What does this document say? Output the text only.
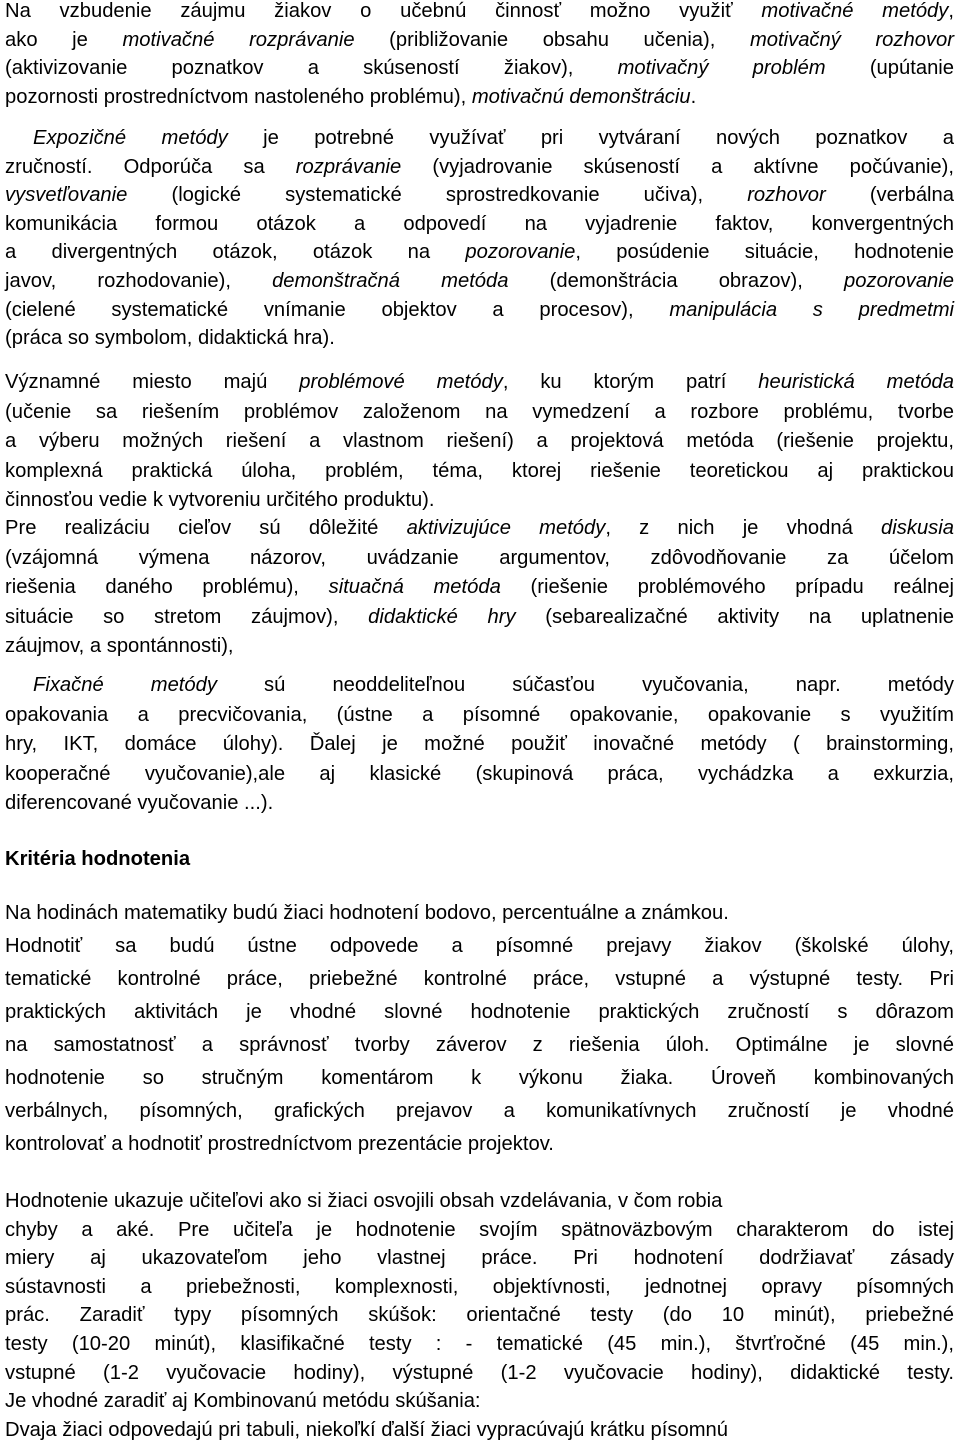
Na vzbudenie záujmu žiakov o učebnú činnosť možno využiť motivačné metódy,
ako je motivačné rozprávanie (približovanie obsahu učenia), motivačný rozhovor
(aktivizovanie poznatkov a skúseností žiakov), motivačný problém (upútanie
pozornosti prostredníctvom nastoleného problému), motivačnú demonštráciu.
Expozičné metódy je potrebné využívať pri vytváraní nových poznatkov a
zručností. Odporúča sa rozprávanie (vyjadrovanie skúseností a aktívne počúvanie),
vysvetľovanie (logické systematické sprostredkovanie učiva), rozhovor (verbálna
komunikácia formou otázok a odpovedí na vyjadrenie faktov, konvergentných
a divergentných otázok, otázok na pozorovanie, posúdenie situácie, hodnotenie
javov, rozhodovanie), demonštračná metóda (demonštrácia obrazov), pozorovanie
(cielené systematické vnímanie objektov a procesov), manipulácia s predmetmi
(práca so symbolom, didaktická hra).
Významné miesto majú problémové metódy, ku ktorým patrí heuristická metóda
(učenie sa riešením problémov založenom na vymedzení a rozbore problému, tvorbe
a výberu možných riešení a vlastnom riešení) a projektová metóda (riešenie projektu,
komplexná praktická úloha, problém, téma, ktorej riešenie teoretickou aj praktickou
činnosťou vedie k vytvoreniu určitého produktu).
Pre realizáciu cieľov sú dôležité aktivizujúce metódy, z nich je vhodná diskusia
(vzájomná výmena názorov, uvádzanie argumentov, zdôvodňovanie za účelom
riešenia daného problému), situačná metóda (riešenie problémového prípadu reálnej
situácie so stretom záujmov), didaktické hry (sebarealizačné aktivity na uplatnenie
záujmov, a spontánnosti),
Fixačné metódy sú neoddeliteľnou súčasťou vyučovania, napr. metódy
opakovania a precvičovania, (ústne a písomné opakovanie, opakovanie s využitím
hry, IKT, domáce úlohy). Ďalej je možné použiť inovačné metódy ( brainstorming,
kooperačné vyučovanie),ale aj klasické (skupinová práca, vychádzka a exkurzia,
diferencované vyučovanie ...).
Kritéria hodnotenia
Na hodinách matematiky budú žiaci hodnotení bodovo, percentuálne a známkou.
Hodnotiť sa budú ústne odpovede a písomné prejavy žiakov (školské úlohy,
tematické kontrolné práce, priebežné kontrolné práce, vstupné a výstupné testy. Pri
praktických aktivitách je vhodné slovné hodnotenie praktických zručností s dôrazom
na samostatnosť a správnosť tvorby záverov z riešenia úloh. Optimálne je slovné
hodnotenie so stručným komentárom k výkonu žiaka. Úroveň kombinovaných
verbálnych, písomných, grafických prejavov a komunikatívnych zručností je vhodné
kontrolovať a hodnotiť prostredníctvom prezentácie projektov.
Hodnotenie ukazuje učiteľovi ako si žiaci osvojili obsah vzdelávania, v čom robia
chyby a aké. Pre učiteľa je hodnotenie svojím spätnoväzbovým charakterom do istej
miery aj ukazovateľom jeho vlastnej práce. Pri hodnotení dodržiavať zásady
sústavnosti a priebežnosti, komplexnosti, objektívnosti, jednotnej opravy písomných
prác. Zaradiť typy písomných skúšok: orientačné testy (do 10 minút), priebežné
testy (10-20 minút), klasifikačné testy : - tematické (45 min.), štvrťročné (45 min.),
vstupné (1-2 vyučovacie hodiny), výstupné (1-2 vyučovacie hodiny), didaktické testy.
Je vhodné zaradiť aj Kombinovanú metódu skúšania:
Dvaja žiaci odpovedajú pri tabuli, niekoľkí ďalší žiaci vypracúvajú krátku písomnú
